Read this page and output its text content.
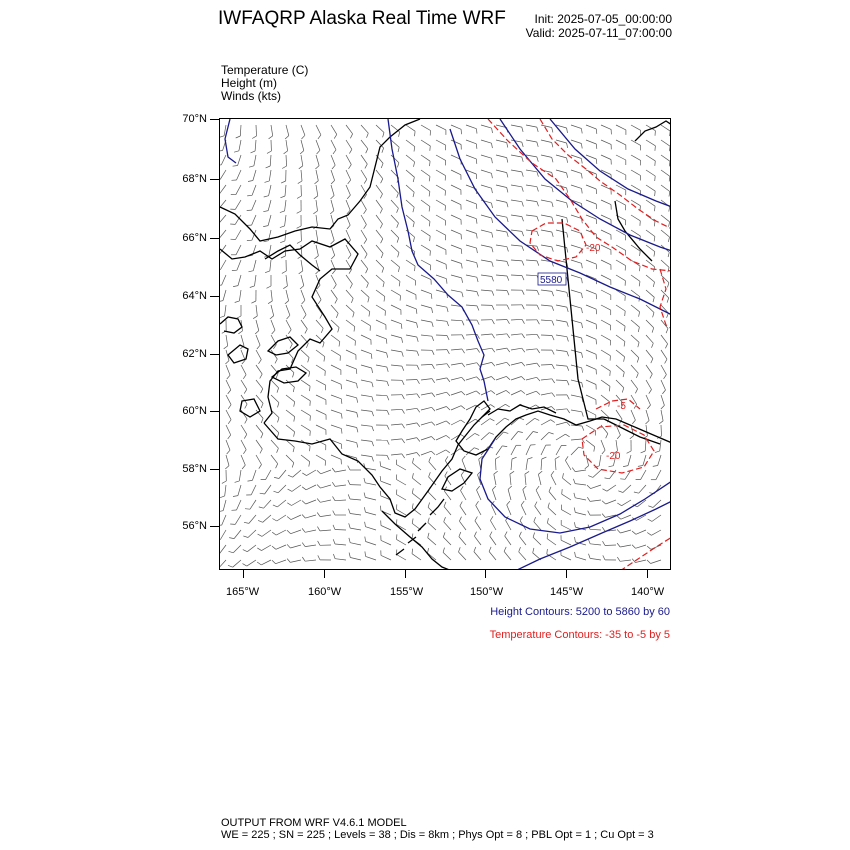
IWFAQRP Alaska Real Time WRF Init: 2025-07-05_00:00:00
Valid: 2025-07-11_07:00:00
Temperature (C)
Height (m)
Winds (kts)
70°N
68°N
66°N
64°N
62°N
60°N
58°N
56°N
165°W	160°W	155°W	150°W	145°W	140°W
5580
-20
-20
-5
Height Contours: 5200 to 5860 by 60
Temperature Contours: -35 to -5 by 5
OUTPUT FROM WRF V4.6.1 MODEL
WE = 225 ; SN = 225 ; Levels = 38 ; Dis = 8km ; Phys Opt = 8 ; PBL Opt = 1 ; Cu Opt = 3
